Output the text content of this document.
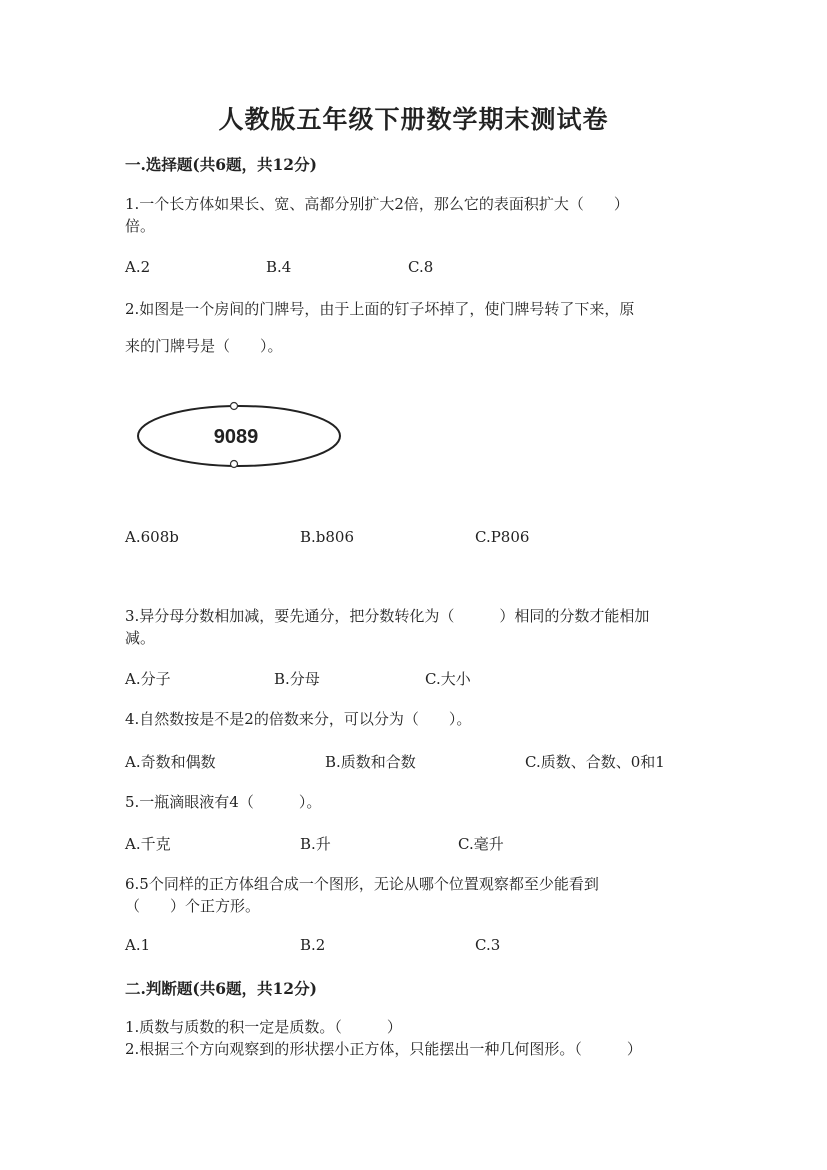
人教版五年级下册数学期末测试卷
一.选择题(共6题，共12分)
1.一个长方体如果长、宽、高都分别扩大2倍，那么它的表面积扩大（　　）
倍。
A.2	B.4	C.8
2.如图是一个房间的门牌号，由于上面的钉子坏掉了，使门牌号转了下来，原
来的门牌号是（　　）。
9089
A.608b	B.b806	C.P806
3.异分母分数相加减，要先通分，把分数转化为（　　　）相同的分数才能相加
减。
A.分子	B.分母	C.大小
4.自然数按是不是2的倍数来分，可以分为（　　）。
A.奇数和偶数	B.质数和合数	C.质数、合数、0和1
5.一瓶滴眼液有4（　　　）。
A.千克	B.升	C.毫升
6.5个同样的正方体组合成一个图形，无论从哪个位置观察都至少能看到
（　　）个正方形。
A.1	B.2	C.3
二.判断题(共6题，共12分)
1.质数与质数的积一定是质数。（　　　）
2.根据三个方向观察到的形状摆小正方体，只能摆出一种几何图形。（　　　）
